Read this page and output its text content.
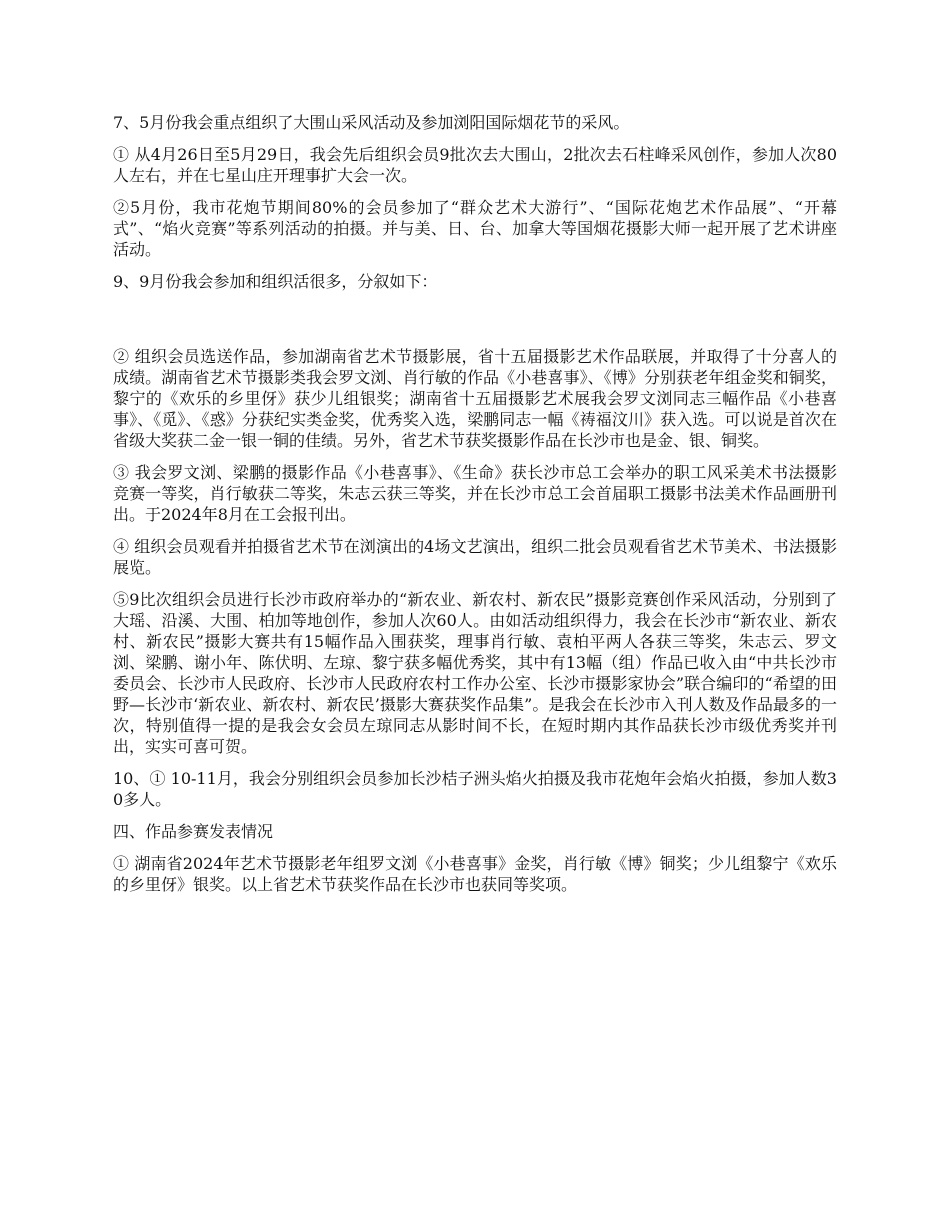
7、5月份我会重点组织了大围山采风活动及参加浏阳国际烟花节的采风。

① 从4月26日至5月29日，我会先后组织会员9批次去大围山，2批次去石柱峰采风创作，参加人次80人左右，并在七星山庄开理事扩大会一次。

②5月份，我市花炮节期间80%的会员参加了“群众艺术大游行”、“国际花炮艺术作品展”、“开幕式”、“焰火竞赛”等系列活动的拍摄。并与美、日、台、加拿大等国烟花摄影大师一起开展了艺术讲座活动。

9、9月份我会参加和组织活很多，分叙如下：

② 组织会员选送作品，参加湖南省艺术节摄影展，省十五届摄影艺术作品联展，并取得了十分喜人的成绩。湖南省艺术节摄影类我会罗文浏、肖行敏的作品《小巷喜事》、《博》分别获老年组金奖和铜奖，黎宁的《欢乐的乡里伢》获少儿组银奖；湖南省十五届摄影艺术展我会罗文浏同志三幅作品《小巷喜事》、《觅》、《惑》分获纪实类金奖，优秀奖入选，梁鹏同志一幅《祷福汶川》获入选。可以说是首次在省级大奖获二金一银一铜的佳绩。另外，省艺术节获奖摄影作品在长沙市也是金、银、铜奖。

③ 我会罗文浏、梁鹏的摄影作品《小巷喜事》、《生命》获长沙市总工会举办的职工风采美术书法摄影竞赛一等奖，肖行敏获二等奖，朱志云获三等奖，并在长沙市总工会首届职工摄影书法美术作品画册刊出。于2024年8月在工会报刊出。

④ 组织会员观看并拍摄省艺术节在浏演出的4场文艺演出，组织二批会员观看省艺术节美术、书法摄影展览。

⑤9比次组织会员进行长沙市政府举办的“新农业、新农村、新农民”摄影竞赛创作采风活动，分别到了大瑶、沿溪、大围、柏加等地创作，参加人次60人。由如活动组织得力，我会在长沙市“新农业、新农村、新农民”摄影大赛共有15幅作品入围获奖，理事肖行敏、袁柏平两人各获三等奖，朱志云、罗文浏、梁鹏、谢小年、陈伏明、左琼、黎宁获多幅优秀奖，其中有13幅（组）作品已收入由“中共长沙市委员会、长沙市人民政府、长沙市人民政府农村工作办公室、长沙市摄影家协会”联合编印的“希望的田野—长沙市‘新农业、新农村、新农民’摄影大赛获奖作品集”。是我会在长沙市入刊人数及作品最多的一次，特别值得一提的是我会女会员左琼同志从影时间不长，在短时期内其作品获长沙市级优秀奖并刊出，实实可喜可贺。

10、① 10-11月，我会分别组织会员参加长沙桔子洲头焰火拍摄及我市花炮年会焰火拍摄，参加人数30多人。

四、作品参赛发表情况

① 湖南省2024年艺术节摄影老年组罗文浏《小巷喜事》金奖，肖行敏《博》铜奖；少儿组黎宁《欢乐的乡里伢》银奖。以上省艺术节获奖作品在长沙市也获同等奖项。
